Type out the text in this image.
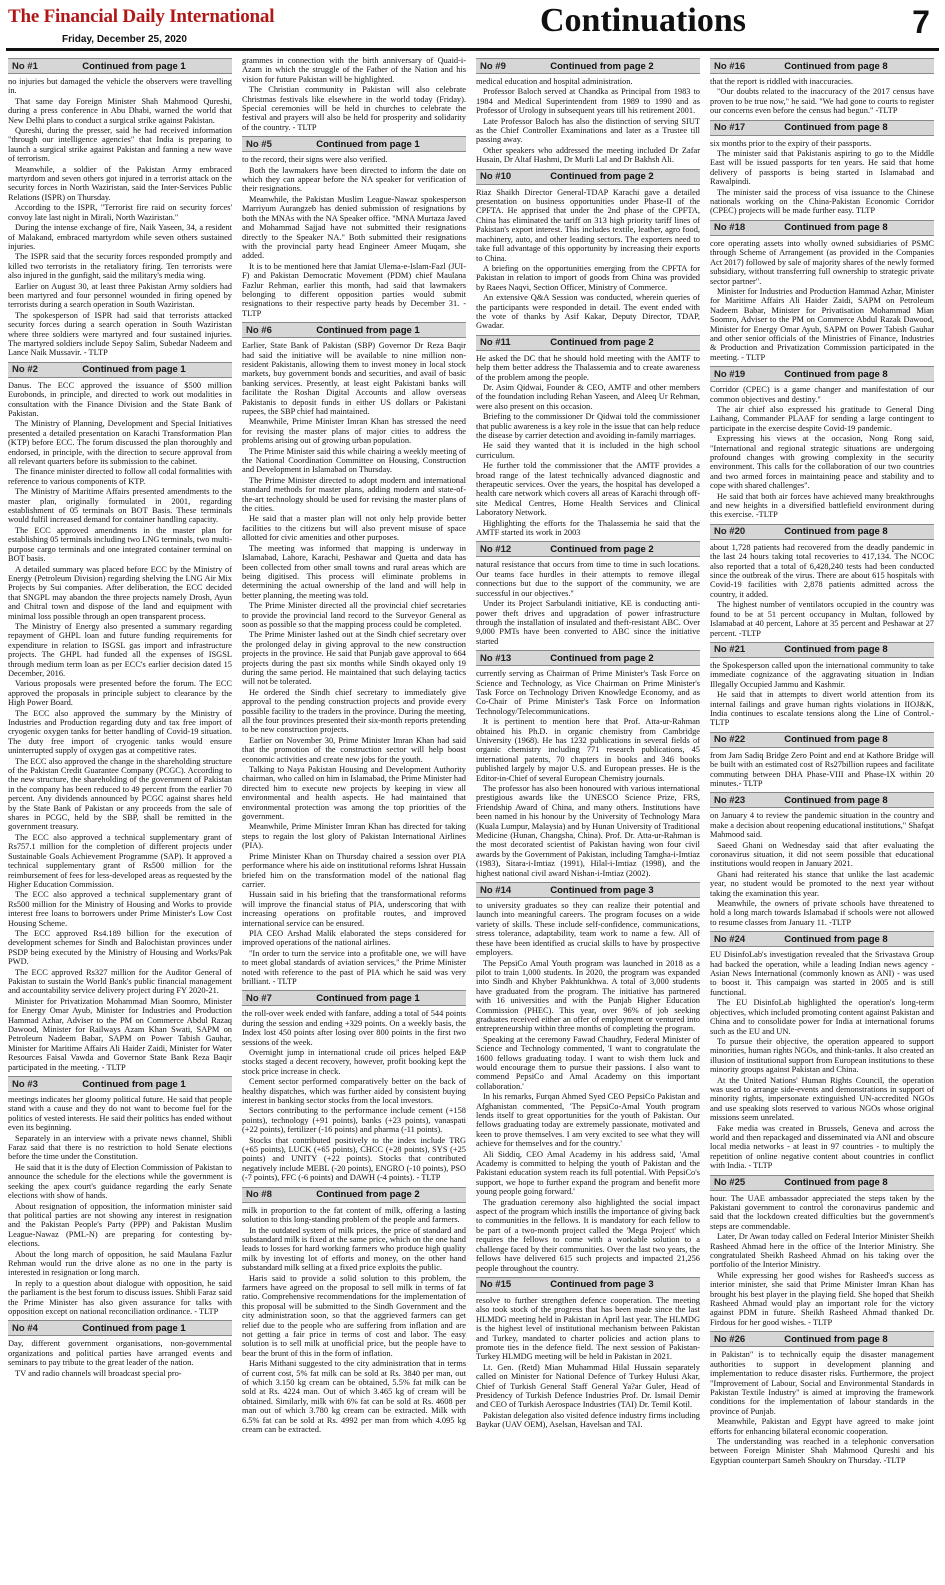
The Financial Daily International
Friday, December 25, 2020
Continuations	7
No #1	Continued from page 1

no injuries but damaged the vehicle the observers were travelling in.

That same day Foreign Minister Shah Mahmood Qureshi, during a press conference in Abu Dhabi, warned the world that New Delhi plans to conduct a surgical strike against Pakistan.

Qureshi, during the presser, said he had received information "through our intelligence agencies" that India is preparing to launch a surgical strike against Pakistan and fanning a new wave of terrorism.

Meanwhile, a soldier of the Pakistan Army embraced martyrdom and seven others got injured in a terrorist attack on the security forces in North Waziristan, said the Inter-Services Public Relations (ISPR) on Thursday.

According to the ISPR, "Terrorist fire raid on security forces' convoy late last night in Mirali, North Waziristan."

During the intense exchange of fire, Naik Yaseen, 34, a resident of Malakand, embraced martyrdom while seven others sustained injuries.

The ISPR said that the security forces responded promptly and killed two terrorists in the retaliatory firing. Ten terrorists were also injured in the gunfight, said the military's media wing.

Earlier on August 30, at least three Pakistan Army soldiers had been martyred and four personnel wounded in firing opened by terrorists during a search operation in South Waziristan.

The spokesperson of ISPR had said that terrorists attacked security forces during a search operation in South Waziristan where three soldiers were martyred and four sustained injuries. The martyred soldiers include Sepoy Salim, Subedar Nadeem and Lance Naik Mussavir. - TLTP

No #2	Continued from page 1

Danus. The ECC approved the issuance of $500 million Eurobonds, in principle, and directed to work out modalities in consultation with the Finance Division and the State Bank of Pakistan.

The Ministry of Planning, Development and Special Initiatives presented a detailed presentation on Karachi Transformation Plan (KTP) before ECC. The forum discussed the plan thoroughly and endorsed, in principle, with the direction to secure approval from all relevant quarters before its submission to the cabinet.

The finance minister directed to follow all codal formalities with reference to various components of KTP.

The Ministry of Maritime Affairs presented amendments to the master plan, originally formulated in 2001, regarding establishment of 05 terminals on BOT Basis. These terminals would fulfil increased demand for container handling capacity.

The ECC approved amendments in the master plan for establishing 05 terminals including two LNG terminals, two multi-purpose cargo terminals and one integrated container terminal on BOT basis.

A detailed summary was placed before ECC by the Ministry of Energy (Petroleum Division) regarding shelving the LNG Air Mix Projects by Sui companies. After deliberation, the ECC decided that SNGPL may abandon the three projects namely Drosh, Ayun and Chitral town and dispose of the land and equipment with minimal loss possible through an open transparent process.

The Ministry of Energy also presented a summary regarding repayment of GHPL loan and future funding requirements for expenditure in relation to ISGSL gas import and infrastructure projects. The GHPL had funded all the expenses of ISGSL through medium term loan as per ECC's earlier decision dated 15 December, 2016.

Various proposals were presented before the forum. The ECC approved the proposals in principle subject to clearance by the High Power Board.

The ECC also approved the summary by the Ministry of Industries and Production regarding duty and tax free import of cryogenic oxygen tanks for better handling of Covid-19 situation. The duty free import of cryogenic tanks would ensure uninterrupted supply of oxygen gas at competitive rates.

The ECC also approved the change in the shareholding structure of the Pakistan Credit Guarantee Company (PCGC). According to the new structure, the shareholding of the government of Pakistan in the company has been reduced to 49 percent from the earlier 70 percent. Any dividends announced by PCGC against shares held by the State Bank of Pakistan or any proceeds from the sale of shares in PCGC, held by the SBP, shall be remitted in the government treasury.

The ECC also approved a technical supplementary grant of Rs757.1 million for the completion of different projects under Sustainable Goals Achievement Programme (SAP). It approved a technical supplementary grant of Rs500 million for the reimbursement of fees for less-developed areas as requested by the Higher Education Commission.

The ECC also approved a technical supplementary grant of Rs500 million for the Ministry of Housing and Works to provide interest free loans to borrowers under Prime Minister's Low Cost Housing Scheme.

The ECC approved Rs4.189 billion for the execution of development schemes for Sindh and Balochistan provinces under PSDP being executed by the Ministry of Housing and Works/Pak PWD.

The ECC approved Rs327 million for the Auditor General of Pakistan to sustain the World Bank's public financial management and accountability service delivery project during FY 2020-21.

Minister for Privatization Mohammad Mian Soomro, Minister for Energy Omar Ayub, Minister for Industries and Production Hammad Azhar, Adviser to the PM on Commerce Abdul Razaq Dawood, Minister for Railways Azam Khan Swati, SAPM on Petroleum Nadeem Babar, SAPM on Power Tabish Gauhar, Minister for Maritime Affairs Ali Haider Zaidi, Minister for Water Resources Faisal Vawda and Governor State Bank Reza Baqir participated in the meeting. - TLTP

No #3	Continued from page 1

meetings indicates her gloomy political future. He said that people stand with a cause and they do not want to become fuel for the politics of vested interests. He said their politics has ended without even its beginning.

Separately in an interview with a private news channel, Shibli Faraz said that there is no restriction to hold Senate elections before the time under the Constitution.

He said that it is the duty of Election Commission of Pakistan to announce the schedule for the elections while the government is seeking the apex court's guidance regarding the early Senate elections with show of hands.

About resignation of opposition, the information minister said that political parties are not showing any interest in resignation and the Pakistan People's Party (PPP) and Pakistan Muslim League-Nawaz (PML-N) are preparing for contesting by-elections.

About the long march of opposition, he said Maulana Fazlur Rehman would run the drive alone as no one in the party is interested in resignation or long march.

In reply to a question about dialogue with opposition, he said the parliament is the best forum to discuss issues. Shibli Faraz said the Prime Minister has also given assurance for talks with opposition except on national reconciliation ordinance. - TLTP

No #4	Continued from page 1

Day, different government organisations, non-governmental organizations and political parties have arranged events and seminars to pay tribute to the great leader of the nation.

TV and radio channels will broadcast special pro-

grammes in connection with the birth anniversary of Quaid-i-Azam in which the struggle of the Father of the Nation and his vision for future Pakistan will be highlighted.

The Christian community in Pakistan will also celebrate Christmas festivals like elsewhere in the world today (Friday). Special ceremonies will be held in churches to celebrate the festival and prayers will also be held for prosperity and solidarity of the country. - TLTP

No #5	Continued from page 1

to the record, their signs were also verified.

Both the lawmakers have been directed to inform the date on which they can appear before the NA speaker for verification of their resignations.

Meanwhile, the Pakistan Muslim League-Nawaz spokesperson Marriyum Aurangzeb has denied submission of resignations by both the MNAs with the NA Speaker office. "MNA Murtaza Javed and Mohammad Sajjad have not submitted their resignations directly to the Speaker NA." Both submitted their resignations with the provincial party head Engineer Ameer Muqam, she added.

It is to be mentioned here that Jamiat Ulema-e-Islam-Fazl (JUI-F) and Pakistan Democratic Movement (PDM) chief Maulana Fazlur Rehman, earlier this month, had said that lawmakers belonging to different opposition parties would submit resignations to their respective party heads by December 31. - TLTP

No #6	Continued from page 1

Earlier, State Bank of Pakistan (SBP) Governor Dr Reza Baqir had said the initiative will be available to nine million non-resident Pakistanis, allowing them to invest money in local stock markets, buy government bonds and securities, and avail of basic banking services. Presently, at least eight Pakistani banks will facilitate the Roshan Digital Accounts and allow overseas Pakistanis to deposit funds in either US dollars or Pakistani rupees, the SBP chief had maintained.

Meanwhile, Prime Minister Imran Khan has stressed the need for revising the master plans of major cities to address the problems arising out of growing urban population.

The Prime Minister said this while chairing a weekly meeting of the National Coordination Committee on Housing, Construction and Development in Islamabad on Thursday.

The Prime Minister directed to adopt modern and international standard methods for master plans, adding modern and state-of-the-art technology should be used for revising the master plans of the cities.

He said that a master plan will not only help provide better facilities to the citizens but will also prevent misuse of space allotted for civic amenities and other purposes.

The meeting was informed that mapping is underway in Islamabad, Lahore, Karachi, Peshawar and Quetta and data has been collected from other small towns and rural areas which are being digitised. This process will eliminate problems in determining the actual ownership of the land and will help in better planning, the meeting was told.

The Prime Minister directed all the provincial chief secretaries to provide the provincial land record to the Surveyor General as soon as possible so that the mapping process could be completed.

The Prime Minister lashed out at the Sindh chief secretary over the prolonged delay in giving approval to the new construction projects in the province. He said that Punjab gave approval to 664 projects during the past six months while Sindh okayed only 19 during the same period. He maintained that such delaying tactics will not be tolerated.

He ordered the Sindh chief secretary to immediately give approval to the pending construction projects and provide every possible facility to the traders in the province. During the meeting, all the four provinces presented their six-month reports pretending to be new construction projects.

Earlier on November 30, Prime Minister Imran Khan had said that the promotion of the construction sector will help boost economic activities and create new jobs for the youth.

Talking to Naya Pakistan Housing and Development Authority chairman, who called on him in Islamabad, the Prime Minister had directed him to execute new projects by keeping in view all environmental and health aspects. He had maintained that environmental protection was among the top priorities of the government.

Meanwhile, Prime Minister Imran Khan has directed for taking steps to regain the lost glory of Pakistan International Airlines (PIA).

Prime Minister Khan on Thursday chaired a session over PIA performance where his aide on institutional reforms Ishrat Hussain briefed him on the transformation model of the national flag carrier.

Hussain said in his briefing that the transformational reforms will improve the financial status of PIA, underscoring that with increasing operations on profitable routes, and improved international service can be ensured.

PIA CEO Arshad Malik elaborated the steps considered for improved operations of the national airlines.

"In order to turn the service into a profitable one, we will have to meet global standards of aviation services," the Prime Minister noted with reference to the past of PIA which he said was very brilliant. - TLTP

No #7	Continued from page 1

the roll-over week ended with fanfare, adding a total of 544 points during the session and ending +329 points. On a weekly basis, the Index lost 450 points after losing over 800 points in the first two sessions of the week.

Overnight jump in international crude oil prices helped E&P stocks staged a decent recovery, however, profit booking kept the stock price increase in check.

Cement sector performed comparatively better on the back of healthy dispatches, which was further aided by consistent buying interest in banking sector stocks from the local investors.

Sectors contributing to the performance include cement (+158 points), technology (+91 points), banks (+23 points), vanaspati (+22 points), fertilizer (-16 points) and pharma (-11 points).

Stocks that contributed positively to the index include TRG (+65 points), LUCK (+65 points), CHCC (+28 points), SYS (+25 points) and UNITY (+22 points). Stocks that contributed negatively include MEBL (-20 points), ENGRO (-10 points), PSO (-7 points), FFC (-6 points) and DAWH (-4 points). - TLTP

No #8	Continued from page 2

milk in proportion to the fat content of milk, offering a lasting solution to this long-standing problem of the people and farmers.

In the outdated system of milk prices, the price of standard and substandard milk is fixed at the same price, which on the one hand leads to losses for hard working farmers who produce high quality milk by investing lot of efforts and money, on the other hand substandard milk selling at a fixed price exploits the public.

Haris said to provide a solid solution to this problem, the farmers have agreed on the proposal to sell milk in terms of fat ratio. Comprehensive recommendations for the implementation of this proposal will be submitted to the Sindh Government and the city administration soon, so that the aggrieved farmers can get relief due to the people who are suffering from inflation and are not getting a fair price in terms of cost and labor. The easy solution is to sell milk at unofficial price, but the people have to bear the brunt of this in the form of inflation.

Haris Mithani suggested to the city administration that in terms of current cost, 5% fat milk can be sold at Rs. 3840 per man, out of which 3.150 kg cream can be obtained, 5.5% fat milk can be sold at Rs. 4224 man. Out of which 3.465 kg of cream will be obtained. Similarly, milk with 6% fat can be sold at Rs. 4608 per man out of which 3.780 kg cream can be extracted. Milk with 6.5% fat can be sold at Rs. 4992 per man from which 4.095 kg cream can be extracted.

No #9	Continued from page 2

medical education and hospital administration.

Professor Baloch served at Chandka as Principal from 1983 to 1984 and Medical Superintendent from 1989 to 1990 and as Professor of Urology in subsequent years till his retirement 2001.

Late Professor Baloch has also the distinction of serving SIUT as the Chief Controller Examinations and later as a Trustee till passing away.

Other speakers who addressed the meeting included Dr Zafar Husain, Dr Altaf Hashmi, Dr Murli Lal and Dr Bakhsh Ali.

No #10	Continued from page 2

Riaz Shaikh Director General-TDAP Karachi gave a detailed presentation on business opportunities under Phase-II of the CPFTA. He apprised that under the 2nd phase of the CPFTA, China has eliminated the tariff on 313 high priority tariff lines of Pakistan's export interest. This includes textile, leather, agro food, machinery, auto, and other leading sectors. The exporters need to take full advantage of this opportunity by increasing their exports to China.

A briefing on the opportunities emerging from the CPFTA for Pakistan in relation to import of goods from China was provided by Raees Naqvi, Section Officer, Ministry of Commerce.

An extensive Q&A Session was conducted, wherein queries of the participants were responded in detail. The event ended with the vote of thanks by Asif Kakar, Deputy Director, TDAP, Gwadar.

No #11	Continued from page 2

He asked the DC that he should hold meeting with the AMTF to help them better address the Thalassemia and to create awareness of the problem among the people.

Dr. Asim Qidwai, Founder & CEO, AMTF and other members of the foundation including Rehan Yaseen, and Aleeq Ur Rehman, were also present on this occasion.

Briefing to the commissioner Dr Qidwai told the commissioner that public awareness is a key role in the issue that can help reduce the disease by carrier detection and avoiding in-family marriages.

He said they wanted that it is included in the high school curriculum.

He further told the commissioner that the AMTF provides a broad range of the latest technically advanced diagnostic and therapeutic services. Over the years, the hospital has developed a health care network which covers all areas of Karachi through off-site Medical Centres, Home Health Services and Clinical Laboratory Network.

Highlighting the efforts for the Thalassemia he said that the AMTF started its work in 2003

No #12	Continued from page 2

natural resistance that occurs from time to time in such locations. Our teams face hurdles in their attempts to remove illegal connections but due to the support of the community, we are successful in our objectives."

Under its Project Sarbulandi initiative, KE is conducting anti-power theft drives and upgradation of power infrastructure through the installation of insulated and theft-resistant ABC. Over 9,000 PMTs have been converted to ABC since the initiative started

No #13	Continued from page 2

currently serving as Chairman of Prime Minister's Task Force on Science and Technology, as Vice Chairman on Prime Minister's Task Force on Technology Driven Knowledge Economy, and as Co-Chair of Prime Minister's Task Force on Information Technology/Telecommunications.

It is pertinent to mention here that Prof. Atta-ur-Rahman obtained his Ph.D. in organic chemistry from Cambridge University (1968). He has 1232 publications in several fields of organic chemistry including 771 research publications, 45 international patents, 70 chapters in books and 346 books published largely by major U.S. and European presses. He is the Editor-in-Chief of several European Chemistry journals.

The professor has also been honoured with various international prestigious awards like the UNESCO Science Prize, FRS, Friendship Award of China, and many others. Institutions have been named in his honour by the University of Technology Mara (Kuala Lumpur, Malaysia) and by Hunan University of Traditional Medicine (Hunan, Changsha, China). Prof. Dr. Atta-ur-Rahman is the most decorated scientist of Pakistan having won four civil awards by the Government of Pakistan, including Tamgha-i-Imtiaz (1983), Sitara-i-Imtiaz (1991), Hilal-i-Imtiaz (1998), and the highest national civil award Nishan-i-Imtiaz (2002).

No #14	Continued from page 3

to university graduates so they can realize their potential and launch into meaningful careers. The program focuses on a wide variety of skills. These include self-confidence, communications, stress tolerance, adaptability, team work to name a few. All of these have been identified as crucial skills to have by prospective employers.

The PepsiCo Amal Youth program was launched in 2018 as a pilot to train 1,000 students. In 2020, the program was expanded into Sindh and Khyber Pakhtunkhwa. A total of 3,000 students have graduated from the program. The initiative has partnered with 16 universities and with the Punjab Higher Education Commission (PHEC). This year, over 96% of job seeking graduates received either an offer of employment or ventured into entrepreneurship within three months of completing the program.

Speaking at the ceremony Fawad Chaudhry, Federal Minister of Science and Technology commented, 'I want to congratulate the 1600 fellows graduating today. I want to wish them luck and would encourage them to pursue their passions. I also want to commend PepsiCo and Amal Academy on this important collaboration.'

In his remarks, Furqan Ahmed Syed CEO PepsiCo Pakistan and Afghanistan commented, 'The PepsiCo-Amal Youth program lends itself to great opportunities for the youth of Pakistan. Our fellows graduating today are extremely passionate, motivated and keen to prove themselves. I am very excited to see what they will achieve for themselves and for the country.'

Ali Siddiq, CEO Amal Academy in his address said, 'Amal Academy is committed to helping the youth of Pakistan and the Pakistani education system reach its full potential. With PepsiCo's support, we hope to further expand the program and benefit more young people going forward.'

The graduation ceremony also highlighted the social impact aspect of the program which instills the importance of giving back to communities in the fellows. It is mandatory for each fellow to be part of a two-month project called the 'Mega Project' which requires the fellows to come with a workable solution to a challenge faced by their communities. Over the last two years, the fellows have delivered 615 such projects and impacted 21,256 people throughout the country.

No #15	Continued from page 3

resolve to further strengthen defence cooperation. The meeting also took stock of the progress that has been made since the last HLMDG meeting held in Pakistan in April last year. The HLMDG is the highest level of institutional mechanism between Pakistan and Turkey, mandated to charter policies and action plans to promote ties in the defence field. The next session of Pakistan-Turkey HLMDG meeting will be held in Pakistan in 2021.

Lt. Gen. (Retd) Mian Muhammad Hilal Hussain separately called on Minister for National Defence of Turkey Hulusi Akar, Chief of Turkish General Staff General Ya?ar Guler, Head of Presidency of Turkish Defence Industries Prof. Dr. Ismail Demir and CEO of Turkish Aerospace Industries (TAI) Dr. Temil Kotil.

Pakistan delegation also visited defence industry firms including Baykar (UAV OEM), Aselsan, Havelsan and TAI.

No #16	Continued from page 8

that the report is riddled with inaccuracies.

"Our doubts related to the inaccuracy of the 2017 census have proven to be true now," he said. "We had gone to courts to register our concerns even before the census had begun." -TLTP

No #17	Continued from page 8

six months prior to the expiry of their passports.

The minister said that Pakistanis aspiring to go to the Middle East will be issued passports for ten years. He said that home delivery of passports is being started in Islamabad and Rawalpindi.

The minister said the process of visa issuance to the Chinese nationals working on the China-Pakistan Economic Corridor (CPEC) projects will be made further easy. TLTP

No #18	Continued from page 8

core operating assets into wholly owned subsidiaries of PSMC through Scheme of Arrangement (as provided in the Companies Act 2017) followed by sale of majority shares of the newly formed subsidiary, without transferring full ownership to strategic private sector partner".

Minister for Industries and Production Hammad Azhar, Minister for Maritime Affairs Ali Haider Zaidi, SAPM on Petroleum Nadeem Babar, Minister for Privatisation Mohammad Mian Soomro, Adviser to the PM on Commerce Abdul Razak Dawood, Minister for Energy Omar Ayub, SAPM on Power Tabish Gauhar and other senior officials of the Ministries of Finance, Industries & Production and Privatization Commission participated in the meeting. - TLTP

No #19	Continued from page 8

Corridor (CPEC) is a game changer and manifestation of our common objectives and destiny."

The air chief also expressed his gratitude to General Ding Laihang, Commander PLAAF for sending a large contingent to participate in the exercise despite Covid-19 pandemic.

Expressing his views at the occasion, Nong Rong said, "International and regional strategic situations are undergoing profound changes with growing complexity in the security environment. This calls for the collaboration of our two countries and two armed forces in maintaining peace and stability and to cope with shared challenges".

He said that both air forces have achieved many breakthroughs and new heights in a diversified battlefield environment during this exercise. -TLTP

No #20	Continued from page 8

about 1,728 patients had recovered from the deadly pandemic in the last 24 hours taking total recoveries to 417,134. The NCOC also reported that a total of 6,428,240 tests had been conducted since the outbreak of the virus. There are about 615 hospitals with Covid-19 facilities with 2,878 patients admitted across the country, it added.

The highest number of ventilators occupied in the country was found to be at 51 percent occupancy in Multan, followed by Islamabad at 40 percent, Lahore at 35 percent and Peshawar at 27 percent. -TLTP

No #21	Continued from page 8

the Spokesperson called upon the international community to take immediate cognizance of the aggravating situation in Indian Illegally Occupied Jammu and Kashmir.

He said that in attempts to divert world attention from its internal failings and grave human rights violations in IIOJ&K, India continues to escalate tensions along the Line of Control.- TLTP

No #22	Continued from page 8

from Jam Sadiq Bridge Zero Point and end at Kathore Bridge will be built with an estimated cost of Rs27billion rupees and facilitate commuting between DHA Phase-VIII and Phase-IX within 20 minutes.- TLTP

No #23	Continued from page 8

on January 4 to review the pandemic situation in the country and make a decision about reopening educational institutions," Shafqat Mahmood said.

Saeed Ghani on Wednesday said that after evaluating the coronavirus situation, it did not seem possible that educational institutions would reopen in January 2021.

Ghani had reiterated his stance that unlike the last academic year, no student would be promoted to the next year without taking the examination this year.

Meanwhile, the owners of private schools have threatened to hold a long march towards Islamabad if schools were not allowed to resume classes from January 11. -TLTP

No #24	Continued from page 8

EU DisinfoLab's investigation revealed that the Srivastava Group had backed the operation, while a leading Indian news agency - Asian News International (commonly known as ANI) - was used to boost it. This campaign was started in 2005 and is still functional.

The EU DisinfoLab highlighted the operation's long-term objectives, which included promoting content against Pakistan and China and to consolidate power for India at international forums such as the EU and UN.

To pursue their objective, the operation appeared to support minorities, human rights NGOs, and think-tanks. It also created an illusion of institutional support from European institutions to these minority groups against Pakistan and China.

At the United Nations' Human Rights Council, the operation was used to arrange side-events and demonstrations in support of minority rights, impersonate extinguished UN-accredited NGOs and use speaking slots reserved to various NGOs whose original missions seem unrelated.

Fake media was created in Brussels, Geneva and across the world and then repackaged and disseminated via ANI and obscure local media networks - at least in 97 countries - to multiply the repetition of online negative content about countries in conflict with India. - TLTP

No #25	Continued from page 8

hour. The UAE ambassador appreciated the steps taken by the Pakistani government to control the coronavirus pandemic and said that the lockdown created difficulties but the government's steps are commendable.

Later, Dr Awan today called on Federal Interior Minister Sheikh Rasheed Ahmad here in the office of the Interior Ministry. She congratulated Sheikh Rasheed Ahmad on his taking over the portfolio of the Interior Ministry.

While expressing her good wishes for Rasheed's success as interior minister, she said that Prime Minister Imran Khan has brought his best player in the playing field. She hoped that Sheikh Rasheed Ahmad would play an important role for the victory against PDM in future. Sheikh Rasheed Ahmad thanked Dr. Firdous for her good wishes. - TLTP

No #26	Continued from page 8

in Pakistan" is to technically equip the disaster management authorities to support in development planning and implementation to reduce disaster risks. Furthermore, the project "Improvement of Labour, Social and Environmental Standards in Pakistan Textile Industry" is aimed at improving the framework conditions for the implementation of labour standards in the province of Punjab.

Meanwhile, Pakistan and Egypt have agreed to make joint efforts for enhancing bilateral economic cooperation.

The understanding was reached in a telephonic conversation between Foreign Minister Shah Mahmood Qureshi and his Egyptian counterpart Sameh Shoukry on Thursday. -TLTP
